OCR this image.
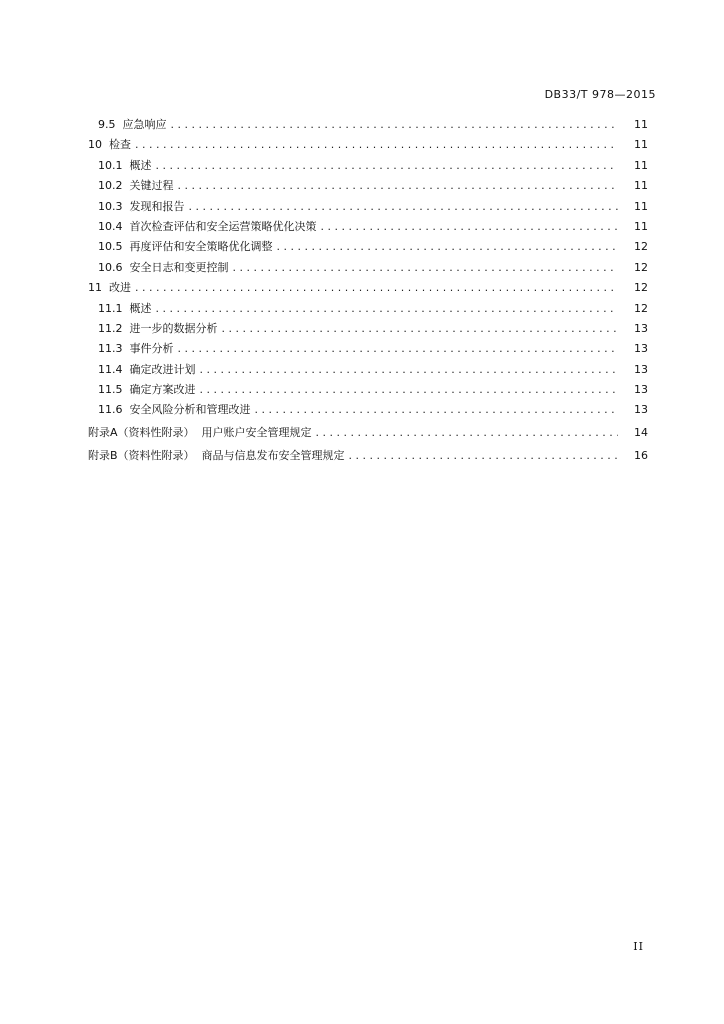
DB33/T 978—2015
9.5 应急响应 . . .	11
10 检查 . . .	11
10.1 概述 . . .	11
10.2 关键过程 . . .	11
10.3 发现和报告 . . .	11
10.4 首次检查评估和安全运营策略优化决策 . . .	11
10.5 再度评估和安全策略优化调整 . . .	12
10.6 安全日志和变更控制 . . .	12
11 改进 . . .	12
11.1 概述 . . .	12
11.2 进一步的数据分析 . . .	13
11.3 事件分析 . . .	13
11.4 确定改进计划 . . .	13
11.5 确定方案改进 . . .	13
11.6 安全风险分析和管理改进 . . .	13
附录A（资料性附录） 用户账户安全管理规定 . . .	14
附录B（资料性附录） 商品与信息发布安全管理规定 . . .	16
II
